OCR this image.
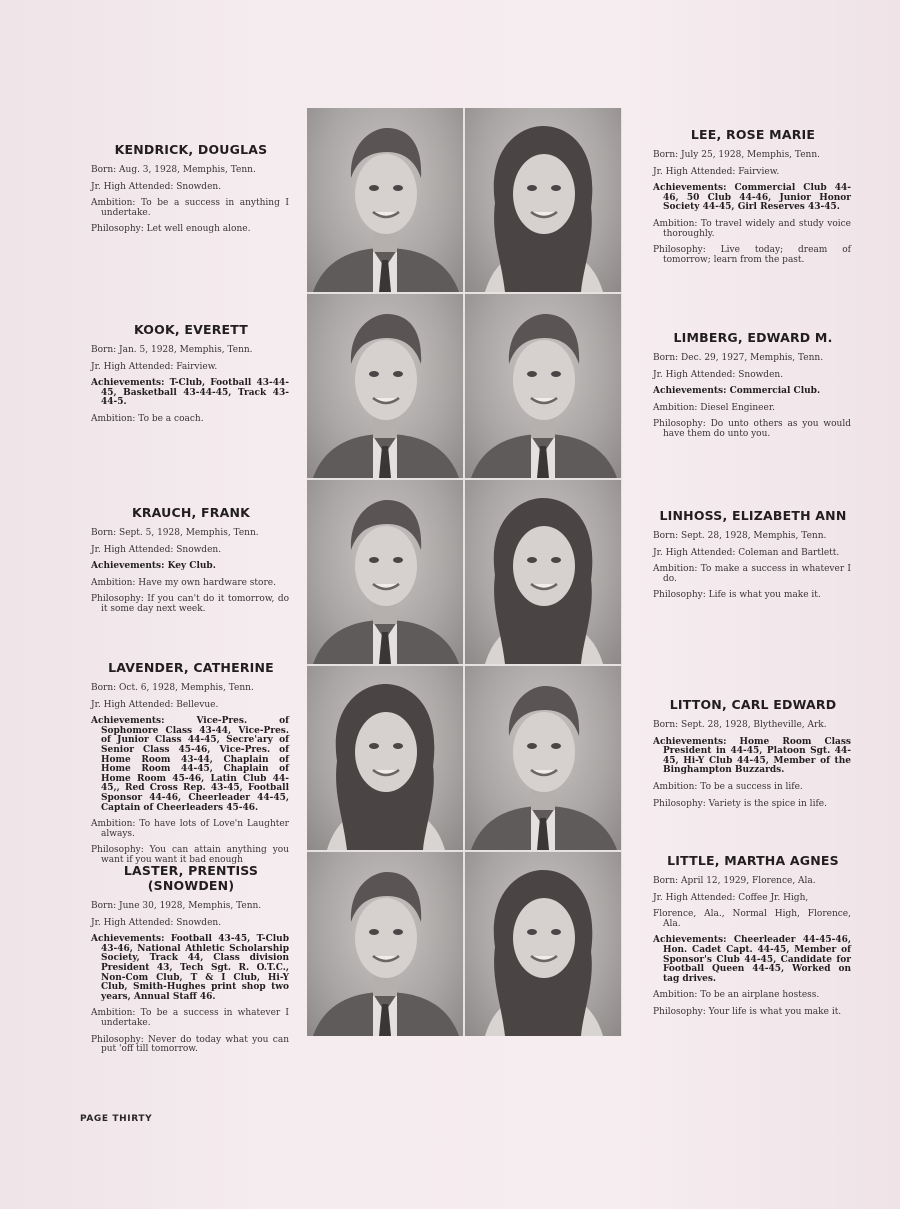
KENDRICK, DOUGLAS
Born: Aug. 3, 1928, Memphis, Tenn.
Jr. High Attended: Snowden.
Ambition: To be a success in anything I undertake.
Philosophy: Let well enough alone.
KOOK, EVERETT
Born: Jan. 5, 1928, Memphis, Tenn.
Jr. High Attended: Fairview.
Achievements: T-Club, Football 43-44-45, Basketball 43-44-45, Track 43-44-5.
Ambition: To be a coach.
KRAUCH, FRANK
Born: Sept. 5, 1928, Memphis, Tenn.
Jr. High Attended: Snowden.
Achievements: Key Club.
Ambition: Have my own hardware store.
Philosophy: If you can't do it tomorrow, do it some day next week.
LAVENDER, CATHERINE
Born: Oct. 6, 1928, Memphis, Tenn.
Jr. High Attended: Bellevue.
Achievements: Vice-Pres. of Sophomore Class 43-44, Vice-Pres. of Junior Class 44-45, Secre'ary of Senior Class 45-46, Vice-Pres. of Home Room 43-44, Chaplain of Home Room 44-45, Chaplain of Home Room 45-46, Latin Club 44-45,, Red Cross Rep. 43-45, Football Sponsor 44-46, Cheerleader 44-45, Captain of Cheerleaders 45-46.
Ambition: To have lots of Love'n Laughter always.
Philosophy: You can attain anything you want if you want it bad enough
LASTER, PRENTISS (SNOWDEN)
Born: June 30, 1928, Memphis, Tenn.
Jr. High Attended: Snowden.
Achievements: Football 43-45, T-Club 43-46, National Athletic Scholarship Society, Track 44, Class division President 43, Tech Sgt. R. O.T.C., Non-Com Club, T & I Club, Hi-Y Club, Smith-Hughes print shop two years, Annual Staff 46.
Ambition: To be a success in whatever I undertake.
Philosophy: Never do today what you can put 'off till tomorrow.
LEE, ROSE MARIE
Born: July 25, 1928, Memphis, Tenn.
Jr. High Attended: Fairview.
Achievements: Commercial Club 44-46, 50 Club 44-46, Junior Honor Society 44-45, Girl Reserves 43-45.
Ambition: To travel widely and study voice thoroughly.
Philosophy: Live today; dream of tomorrow; learn from the past.
LIMBERG, EDWARD M.
Born: Dec. 29, 1927, Memphis, Tenn.
Jr. High Attended: Snowden.
Achievements: Commercial Club.
Ambition: Diesel Engineer.
Philosophy: Do unto others as you would have them do unto you.
LINHOSS, ELIZABETH ANN
Born: Sept. 28, 1928, Memphis, Tenn.
Jr. High Attended: Coleman and Bartlett.
Ambition: To make a success in whatever I do.
Philosophy: Life is what you make it.
LITTON, CARL EDWARD
Born: Sept. 28, 1928, Blytheville, Ark.
Achievements: Home Room Class President in 44-45, Platoon Sgt. 44-45, Hi-Y Club 44-45, Member of the Binghampton Buzzards.
Ambition: To be a success in life.
Philosophy: Variety is the spice in life.
LITTLE, MARTHA AGNES
Born: April 12, 1929, Florence, Ala.
Jr. High Attended: Coffee Jr. High,
Florence, Ala., Normal High, Florence, Ala.
Achievements: Cheerleader 44-45-46, Hon. Cadet Capt. 44-45, Member of Sponsor's Club 44-45, Candidate for Football Queen 44-45, Worked on tag drives.
Ambition: To be an airplane hostess.
Philosophy: Your life is what you make it.
PAGE THIRTY
